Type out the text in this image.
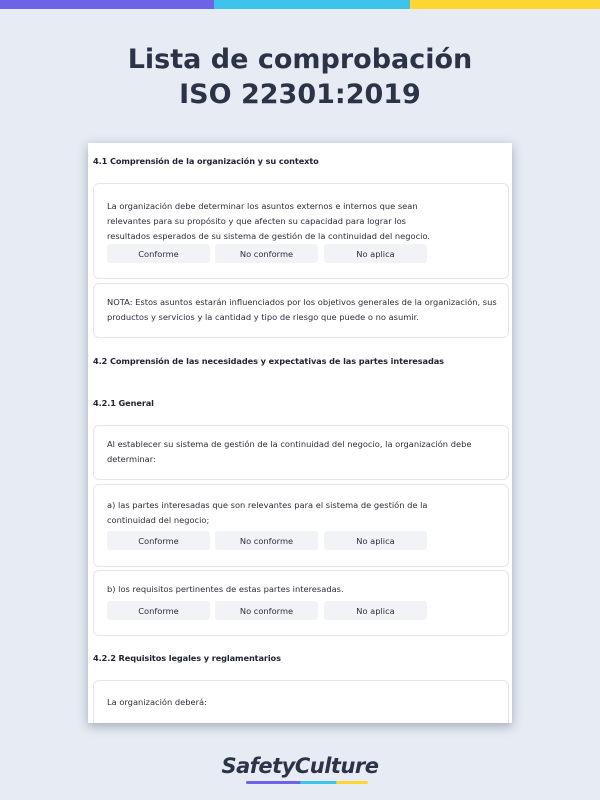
Lista de comprobación
ISO 22301:2019
4.1 Comprensión de la organización y su contexto
La organización debe determinar los asuntos externos e internos que sean
relevantes para su propósito y que afecten su capacidad para lograr los
resultados esperados de su sistema de gestión de la continuidad del negocio.
Conforme	No conforme	No aplica
NOTA: Estos asuntos estarán influenciados por los objetivos generales de la organización, sus
productos y servicios y la cantidad y tipo de riesgo que puede o no asumir.
4.2 Comprensión de las necesidades y expectativas de las partes interesadas
4.2.1 General
Al establecer su sistema de gestión de la continuidad del negocio, la organización debe
determinar:
a) las partes interesadas que son relevantes para el sistema de gestión de la
continuidad del negocio;
Conforme	No conforme	No aplica
b) los requisitos pertinentes de estas partes interesadas.
Conforme	No conforme	No aplica
4.2.2 Requisitos legales y reglamentarios
La organización deberá:
SafetyCulture
